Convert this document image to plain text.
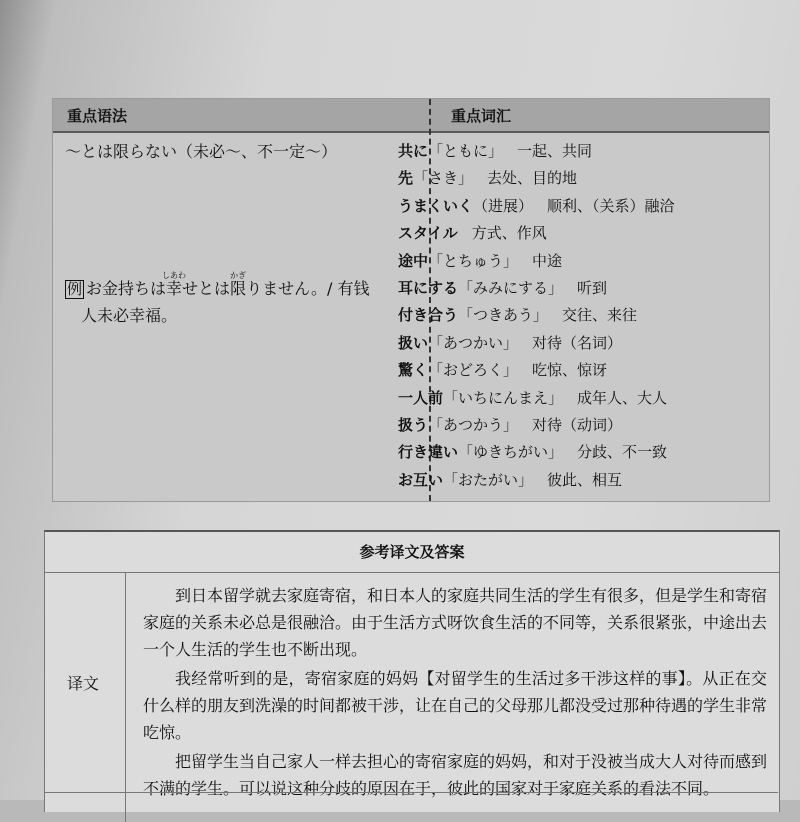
重点语法	重点词汇
～とは限らない（未必～、不一定～）
例 お金持ちは幸しあわせとは限かぎりません。/ 有钱
人未必幸福。
共に「ともに」 一起、共同
先「さき」 去处、目的地
うまくいく（进展） 顺利、（关系）融洽
スタイル 方式、作风
途中「とちゅう」 中途
耳にする「みみにする」 听到
付き合う「つきあう」 交往、来往
扱い「あつかい」 对待（名词）
驚く「おどろく」 吃惊、惊讶
一人前「いちにんまえ」 成年人、大人
扱う「あつかう」 对待（动词）
行き違い「ゆきちがい」 分歧、不一致
お互い「おたがい」 彼此、相互
参考译文及答案
译文

到日本留学就去家庭寄宿，和日本人的家庭共同生活的学生有很多，但是学生和寄宿家庭的关系未必总是很融洽。由于生活方式呀饮食生活的不同等，关系很紧张，中途出去一个人生活的学生也不断出现。

我经常听到的是，寄宿家庭的妈妈【对留学生的生活过多干涉这样的事】。从正在交什么样的朋友到洗澡的时间都被干涉，让在自己的父母那儿都没受过那种待遇的学生非常吃惊。

把留学生当自己家人一样去担心的寄宿家庭的妈妈，和对于没被当成大人对待而感到不满的学生。可以说这种分歧的原因在于，彼此的国家对于家庭关系的看法不同。
